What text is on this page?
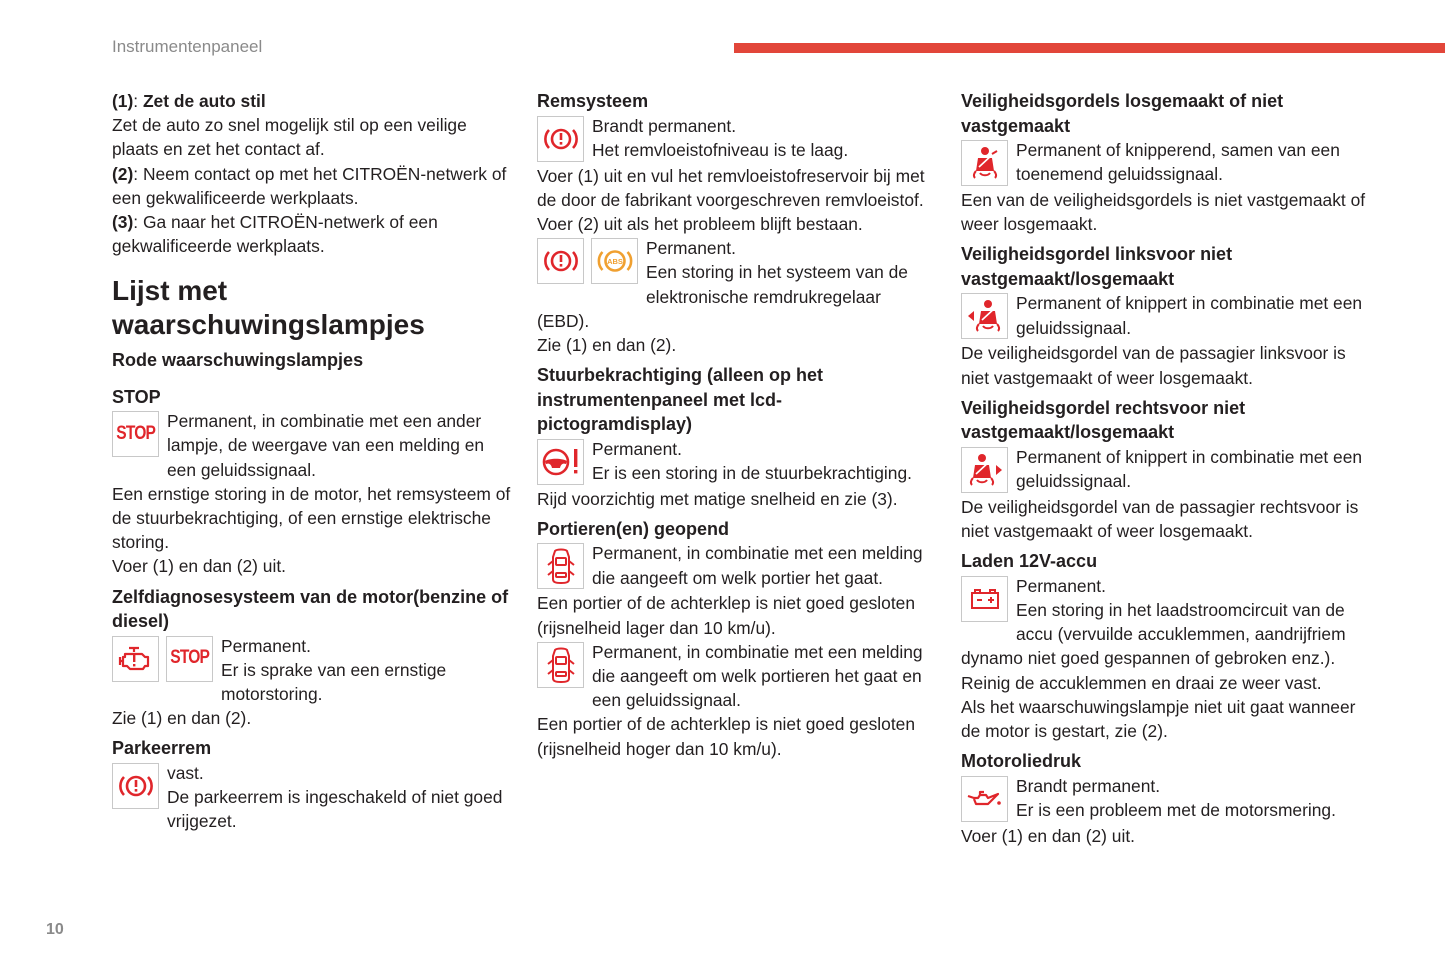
Instrumentenpaneel
10

(1): Zet de auto stil

Zet de auto zo snel mogelijk stil op een veilige plaats en zet het contact af.

(2): Neem contact op met het CITROËN-netwerk of een gekwalificeerde werkplaats.

(3): Ga naar het CITROËN-netwerk of een gekwalificeerde werkplaats.

Lijst met waarschuwingslampjes
Rode waarschuwingslampjes
STOP
STOP
Permanent, in combinatie met een ander lampje, de weergave van een melding en een geluidssignaal.

Een ernstige storing in de motor, het remsysteem of de stuurbekrachtiging, of een ernstige elektrische storing.

Voer (1) en dan (2) uit.

Zelfdiagnosesysteem van de motor(benzine of diesel)
STOP
Permanent.
Er is sprake van een ernstige motorstoring.

Zie (1) en dan (2).

Parkeerrem
vast.
De parkeerrem is ingeschakeld of niet goed vrijgezet.
Remsysteem
Brandt permanent.
Het remvloeistofniveau is te laag.

Voer (1) uit en vul het remvloeistofreservoir bij met de door de fabrikant voorgeschreven remvloeistof. Voer (2) uit als het probleem blijft bestaan.

ABS
Permanent.
Een storing in het systeem van de elektronische remdrukregelaar (EBD).

Zie (1) en dan (2).

Stuurbekrachtiging (alleen op het instrumentenpaneel met lcd-pictogramdisplay)
Permanent.
Er is een storing in de stuurbekrachtiging.

Rijd voorzichtig met matige snelheid en zie (3).

Portieren(en) geopend
Permanent, in combinatie met een melding die aangeeft om welk portier het gaat.

Een portier of de achterklep is niet goed gesloten (rijsnelheid lager dan 10 km/u).

Permanent, in combinatie met een melding die aangeeft om welk portieren het gaat en een geluidssignaal.

Een portier of de achterklep is niet goed gesloten (rijsnelheid hoger dan 10 km/u).

Veiligheidsgordels losgemaakt of niet vastgemaakt
Permanent of knipperend, samen van een toenemend geluidssignaal.

Een van de veiligheidsgordels is niet vastgemaakt of weer losgemaakt.

Veiligheidsgordel linksvoor niet vastgemaakt/losgemaakt
Permanent of knippert in combinatie met een geluidssignaal.

De veiligheidsgordel van de passagier linksvoor is niet vastgemaakt of weer losgemaakt.

Veiligheidsgordel rechtsvoor niet vastgemaakt/losgemaakt
Permanent of knippert in combinatie met een geluidssignaal.

De veiligheidsgordel van de passagier rechtsvoor is niet vastgemaakt of weer losgemaakt.

Laden 12V-accu
Permanent.
Een storing in het laadstroomcircuit van de accu (vervuilde accuklemmen, aandrijfriem dynamo niet goed gespannen of gebroken enz.).

Reinig de accuklemmen en draai ze weer vast.

Als het waarschuwingslampje niet uit gaat wanneer de motor is gestart, zie (2).

Motoroliedruk
Brandt permanent.
Er is een probleem met de motorsmering.

Voer (1) en dan (2) uit.
